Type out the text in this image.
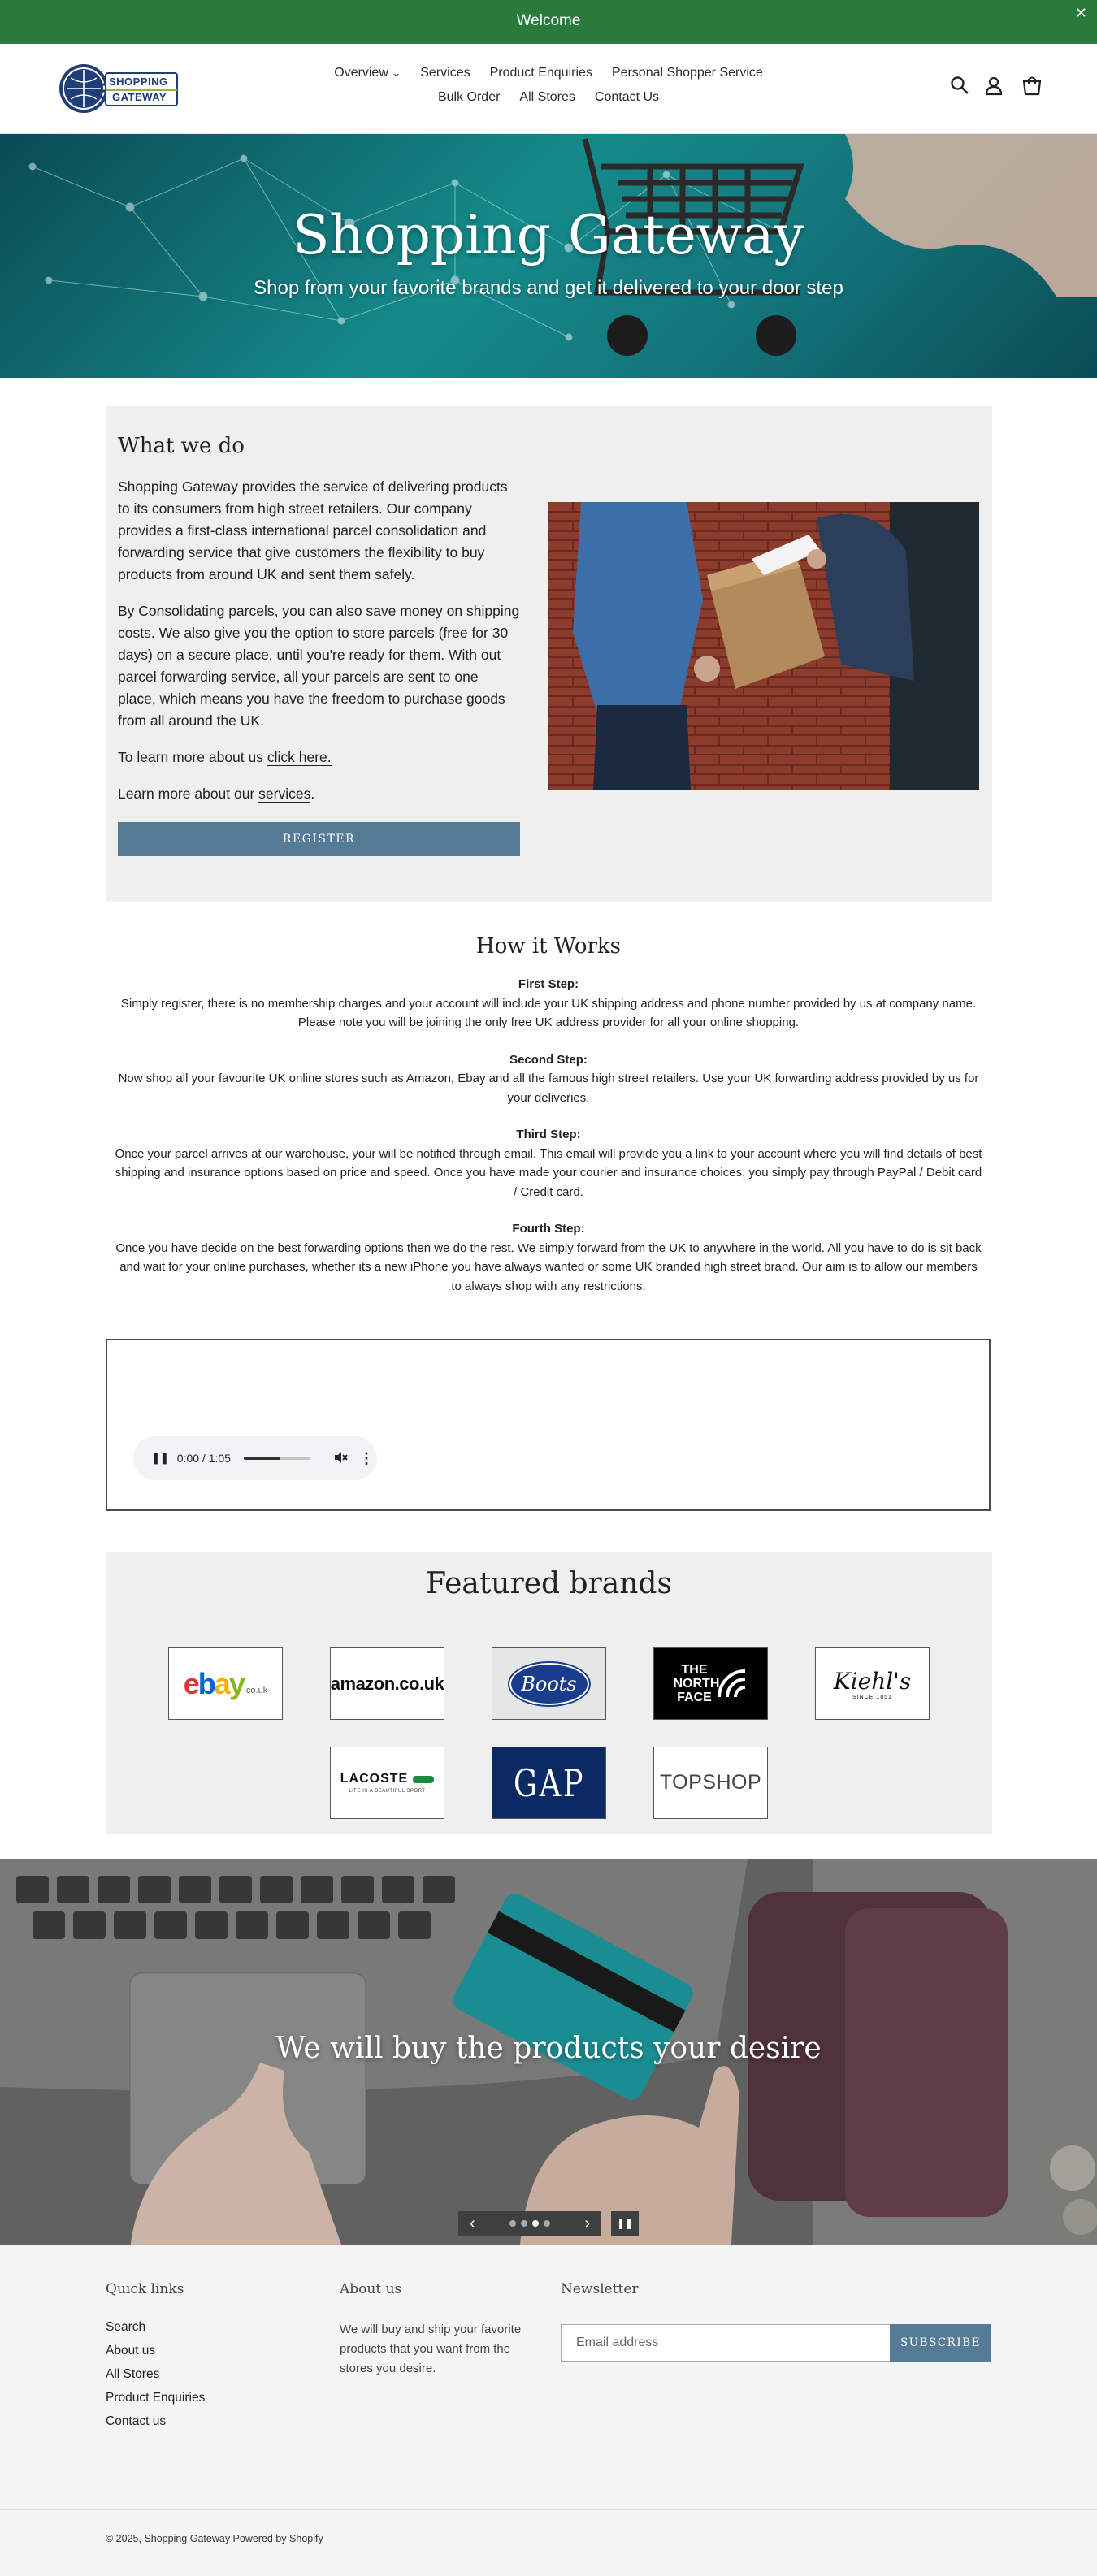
Welcome	✕
SHOPPING
GATEWAY
Overview ⌄ Services Product Enquiries Personal Shopper Service
Bulk Order All Stores Contact Us
Shopping Gateway
Shop from your favorite brands and get it delivered to your door step
What we do

Shopping Gateway provides the service of delivering products to its consumers from high street retailers. Our company provides a first-class international parcel consolidation and forwarding service that give customers the flexibility to buy products from around UK and sent them safely.

By Consolidating parcels, you can also save money on shipping costs. We also give you the option to store parcels (free for 30 days) on a secure place, until you're ready for them. With out parcel forwarding service, all your parcels are sent to one place, which means you have the freedom to purchase goods from all around the UK.

To learn more about us click here.

Learn more about our services.

REGISTER
How it Works
First Step:
Simply register, there is no membership charges and your account will include your UK shipping address and phone number provided by us at company name. Please note you will be joining the only free UK address provider for all your online shopping.
Second Step:
Now shop all your favourite UK online stores such as Amazon, Ebay and all the famous high street retailers. Use your UK forwarding address provided by us for your deliveries.
Third Step:
Once your parcel arrives at our warehouse, your will be notified through email. This email will provide you a link to your account where you will find details of best shipping and insurance options based on price and speed. Once you have made your courier and insurance choices, you simply pay through PayPal / Debit card / Credit card.
Fourth Step:
Once you have decide on the best forwarding options then we do the rest. We simply forward from the UK to anywhere in the world. All you have to do is sit back and wait for your online purchases, whether its a new iPhone you have always wanted or some UK branded high street brand. Our aim is to allow our members to always shop with any restrictions.
❚❚ 0:00 / 1:05	⋮
Featured brands
ebay .co.uk	amazon.co.uk	Boots
THE NORTH FACE
Kiehl's
SINCE 1851
LACOSTE
LIFE IS A BEAUTIFUL SPORT GAP	TOPSHOP
We will buy the products your desire
‹	›	❚❚
Quick links
Search
About us
All Stores
Product Enquiries
Contact us
About us

We will buy and ship your favorite products that you want from the stores you desire.

Newsletter
Email address	SUBSCRIBE
© 2025, Shopping Gateway Powered by Shopify
